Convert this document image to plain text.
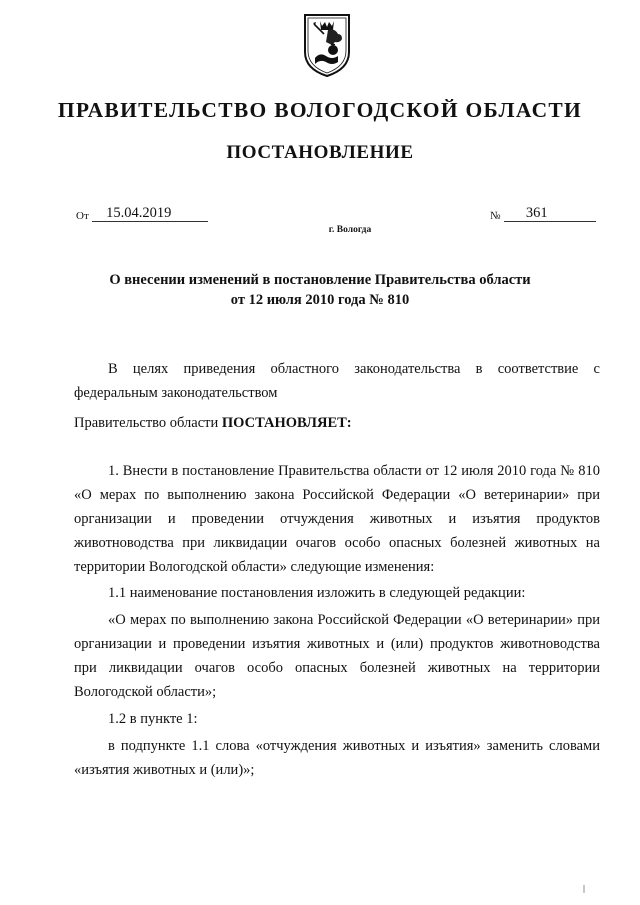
ПРАВИТЕЛЬСТВО ВОЛОГОДСКОЙ ОБЛАСТИ
ПОСТАНОВЛЕНИЕ
От 15.04.2019	№ 361
г. Вологда
О внесении изменений в постановление Правительства области
от 12 июля 2010 года № 810

В целях приведения областного законодательства в соответствие с федеральным законодательством

Правительство области ПОСТАНОВЛЯЕТ:

1. Внести в постановление Правительства области от 12 июля 2010 года № 810 «О мерах по выполнению закона Российской Федерации «О ветеринарии» при организации и проведении отчуждения животных и изъятия продуктов животноводства при ликвидации очагов особо опасных болезней животных на территории Вологодской области» следующие изменения:

1.1 наименование постановления изложить в следующей редакции:

«О мерах по выполнению закона Российской Федерации «О ветеринарии» при организации и проведении изъятия животных и (или) продуктов животноводства при ликвидации очагов особо опасных болезней животных на территории Вологодской области»;

1.2 в пункте 1:

в подпункте 1.1 слова «отчуждения животных и изъятия» заменить словами «изъятия животных и (или)»;
